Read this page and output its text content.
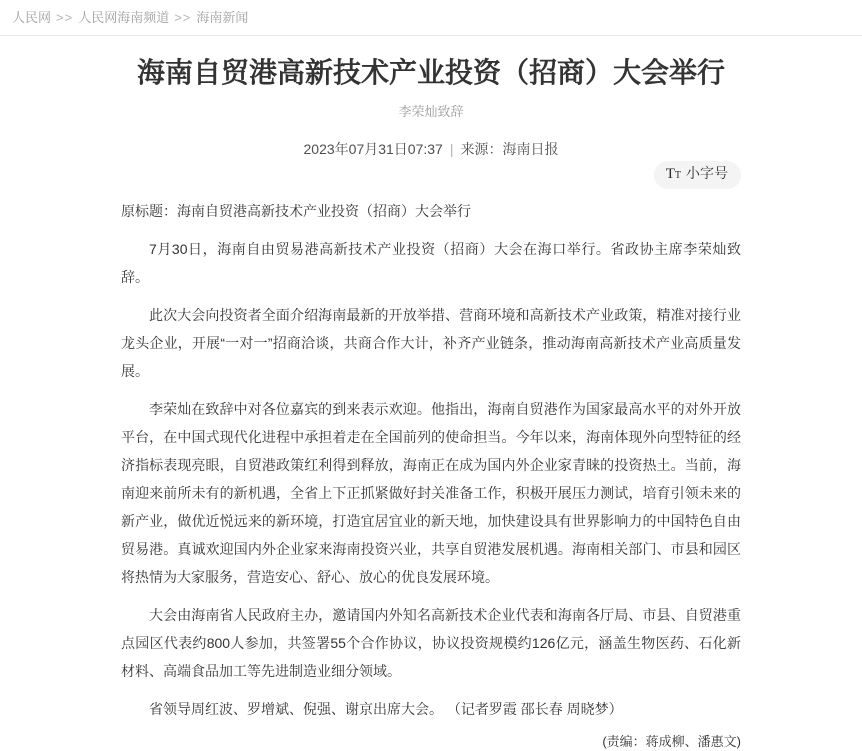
人民网 >> 人民网海南频道 >> 海南新闻
海南自贸港高新技术产业投资（招商）大会举行
李荣灿致辞
2023年07月31日07:37 | 来源：海南日报
TT 小字号

原标题：海南自贸港高新技术产业投资（招商）大会举行

7月30日，海南自由贸易港高新技术产业投资（招商）大会在海口举行。省政协主席李荣灿致辞。

此次大会向投资者全面介绍海南最新的开放举措、营商环境和高新技术产业政策，精准对接行业龙头企业，开展“一对一”招商洽谈，共商合作大计，补齐产业链条，推动海南高新技术产业高质量发展。

李荣灿在致辞中对各位嘉宾的到来表示欢迎。他指出，海南自贸港作为国家最高水平的对外开放平台，在中国式现代化进程中承担着走在全国前列的使命担当。今年以来，海南体现外向型特征的经济指标表现亮眼，自贸港政策红利得到释放，海南正在成为国内外企业家青睐的投资热土。当前，海南迎来前所未有的新机遇，全省上下正抓紧做好封关准备工作，积极开展压力测试，培育引领未来的新产业，做优近悦远来的新环境，打造宜居宜业的新天地，加快建设具有世界影响力的中国特色自由贸易港。真诚欢迎国内外企业家来海南投资兴业，共享自贸港发展机遇。海南相关部门、市县和园区将热情为大家服务，营造安心、舒心、放心的优良发展环境。

大会由海南省人民政府主办，邀请国内外知名高新技术企业代表和海南各厅局、市县、自贸港重点园区代表约800人参加，共签署55个合作协议，协议投资规模约126亿元，涵盖生物医药、石化新材料、高端食品加工等先进制造业细分领域。

省领导周红波、罗增斌、倪强、谢京出席大会。 （记者罗霞 邵长春 周晓梦）

(责编：蒋成柳、潘惠文)
